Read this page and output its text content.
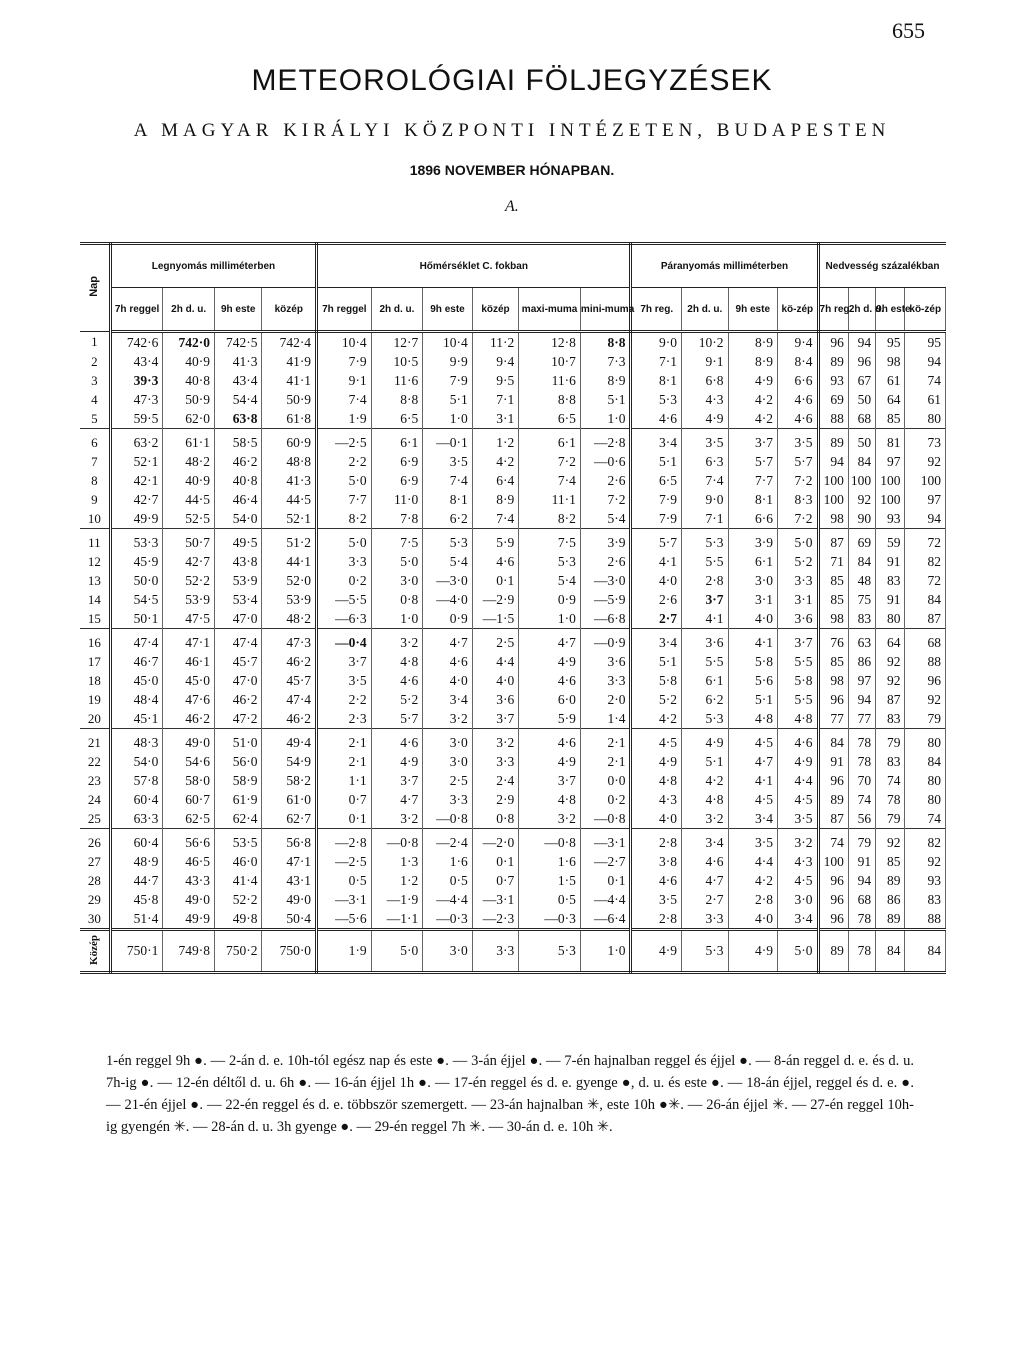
655
METEOROLÓGIAI FÖLJEGYZÉSEK
A MAGYAR KIRÁLYI KÖZPONTI INTÉZETEN, BUDAPESTEN
1896 NOVEMBER HÓNAPBAN.
A.
Nap	Legnyomás milliméterben				Hőmérséklet C. fokban						Páranyomás milliméterben				Nedvesség százalékban			
	7h reggel	2h d. u.	9h este	közép	7h reggel	2h d. u.	9h este	közép	maxi-muma	mini-muma	7h reg.	2h d. u.	9h este	kö-zép	7h reg.	2h d. u.	9h este	kö-zép
1	742·6	742·0	742·5	742·4	10·4	12·7	10·4	11·2	12·8	8·8	9·0	10·2	8·9	9·4	96	94	95	95
2	43·4	40·9	41·3	41·9	7·9	10·5	9·9	9·4	10·7	7·3	7·1	9·1	8·9	8·4	89	96	98	94
3	39·3	40·8	43·4	41·1	9·1	11·6	7·9	9·5	11·6	8·9	8·1	6·8	4·9	6·6	93	67	61	74
4	47·3	50·9	54·4	50·9	7·4	8·8	5·1	7·1	8·8	5·1	5·3	4·3	4·2	4·6	69	50	64	61
5	59·5	62·0	63·8	61·8	1·9	6·5	1·0	3·1	6·5	1·0	4·6	4·9	4·2	4·6	88	68	85	80

6	63·2	61·1	58·5	60·9	—2·5	6·1	—0·1	1·2	6·1	—2·8	3·4	3·5	3·7	3·5	89	50	81	73
7	52·1	48·2	46·2	48·8	2·2	6·9	3·5	4·2	7·2	—0·6	5·1	6·3	5·7	5·7	94	84	97	92
8	42·1	40·9	40·8	41·3	5·0	6·9	7·4	6·4	7·4	2·6	6·5	7·4	7·7	7·2	100	100	100	100
9	42·7	44·5	46·4	44·5	7·7	11·0	8·1	8·9	11·1	7·2	7·9	9·0	8·1	8·3	100	92	100	97
10	49·9	52·5	54·0	52·1	8·2	7·8	6·2	7·4	8·2	5·4	7·9	7·1	6·6	7·2	98	90	93	94

11	53·3	50·7	49·5	51·2	5·0	7·5	5·3	5·9	7·5	3·9	5·7	5·3	3·9	5·0	87	69	59	72
12	45·9	42·7	43·8	44·1	3·3	5·0	5·4	4·6	5·3	2·6	4·1	5·5	6·1	5·2	71	84	91	82
13	50·0	52·2	53·9	52·0	0·2	3·0	—3·0	0·1	5·4	—3·0	4·0	2·8	3·0	3·3	85	48	83	72
14	54·5	53·9	53·4	53·9	—5·5	0·8	—4·0	—2·9	0·9	—5·9	2·6	3·7	3·1	3·1	85	75	91	84
15	50·1	47·5	47·0	48·2	—6·3	1·0	0·9	—1·5	1·0	—6·8	2·7	4·1	4·0	3·6	98	83	80	87

16	47·4	47·1	47·4	47·3	—0·4	3·2	4·7	2·5	4·7	—0·9	3·4	3·6	4·1	3·7	76	63	64	68
17	46·7	46·1	45·7	46·2	3·7	4·8	4·6	4·4	4·9	3·6	5·1	5·5	5·8	5·5	85	86	92	88
18	45·0	45·0	47·0	45·7	3·5	4·6	4·0	4·0	4·6	3·3	5·8	6·1	5·6	5·8	98	97	92	96
19	48·4	47·6	46·2	47·4	2·2	5·2	3·4	3·6	6·0	2·0	5·2	6·2	5·1	5·5	96	94	87	92
20	45·1	46·2	47·2	46·2	2·3	5·7	3·2	3·7	5·9	1·4	4·2	5·3	4·8	4·8	77	77	83	79

21	48·3	49·0	51·0	49·4	2·1	4·6	3·0	3·2	4·6	2·1	4·5	4·9	4·5	4·6	84	78	79	80
22	54·0	54·6	56·0	54·9	2·1	4·9	3·0	3·3	4·9	2·1	4·9	5·1	4·7	4·9	91	78	83	84
23	57·8	58·0	58·9	58·2	1·1	3·7	2·5	2·4	3·7	0·0	4·8	4·2	4·1	4·4	96	70	74	80
24	60·4	60·7	61·9	61·0	0·7	4·7	3·3	2·9	4·8	0·2	4·3	4·8	4·5	4·5	89	74	78	80
25	63·3	62·5	62·4	62·7	0·1	3·2	—0·8	0·8	3·2	—0·8	4·0	3·2	3·4	3·5	87	56	79	74

26	60·4	56·6	53·5	56·8	—2·8	—0·8	—2·4	—2·0	—0·8	—3·1	2·8	3·4	3·5	3·2	74	79	92	82
27	48·9	46·5	46·0	47·1	—2·5	1·3	1·6	0·1	1·6	—2·7	3·8	4·6	4·4	4·3	100	91	85	92
28	44·7	43·3	41·4	43·1	0·5	1·2	0·5	0·7	1·5	0·1	4·6	4·7	4·2	4·5	96	94	89	93
29	45·8	49·0	52·2	49·0	—3·1	—1·9	—4·4	—3·1	0·5	—4·4	3·5	2·7	2·8	3·0	96	68	86	83
30	51·4	49·9	49·8	50·4	—5·6	—1·1	—0·3	—2·3	—0·3	—6·4	2·8	3·3	4·0	3·4	96	78	89	88
Közép	750·1	749·8	750·2	750·0	1·9	5·0	3·0	3·3	5·3	1·0	4·9	5·3	4·9	5·0	89	78	84	84

1-én reggel 9h ●. — 2-án d. e. 10h-tól egész nap és este ●. — 3-án éjjel ●. — 7-én hajnalban reggel és éjjel ●. — 8-án reggel d. e. és d. u. 7h-ig ●. — 12-én déltől d. u. 6h ●. — 16-án éjjel 1h ●. — 17-én reggel és d. e. gyenge ●, d. u. és este ●. — 18-án éjjel, reggel és d. e. ●. — 21-én éjjel ●. — 22-én reggel és d. e. többször szemergett. — 23-án hajnalban ✳, este 10h ●✳. — 26-án éjjel ✳. — 27-én reggel 10h-ig gyengén ✳. — 28-án d. u. 3h gyenge ●. — 29-én reggel 7h ✳. — 30-án d. e. 10h ✳.
